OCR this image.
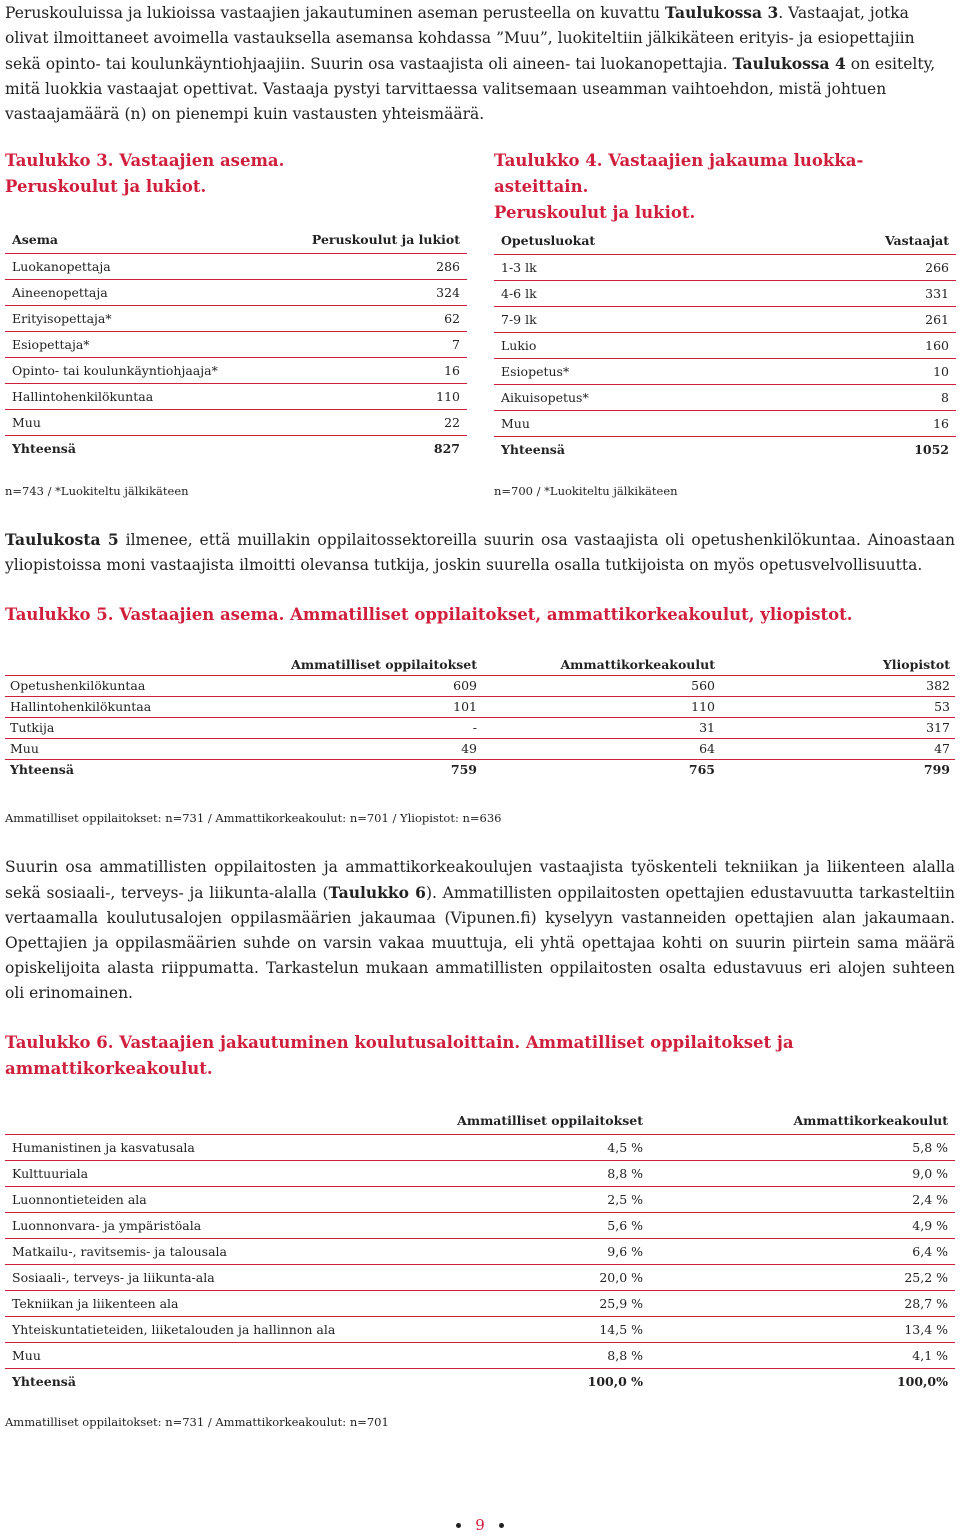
Peruskouluissa ja lukioissa vastaajien jakautuminen aseman perusteella on kuvattu Taulukossa 3. Vastaajat, jotka olivat ilmoittaneet avoimella vastauksella asemansa kohdassa ”Muu”, luokiteltiin jälkikäteen erityis- ja esiopettajiin sekä opinto- tai koulunkäyntiohjaajiin. Suurin osa vastaajista oli aineen- tai luokanopettajia. Taulukossa 4 on esitelty, mitä luokkia vastaajat opettivat. Vastaaja pystyi tarvittaessa valitsemaan useamman vaihtoehdon, mistä johtuen vastaajamäärä (n) on pienempi kuin vastausten yhteismäärä.
Taulukko 3. Vastaajien asema.
Peruskoulut ja lukiot.
Taulukko 4. Vastaajien jakauma luokka-asteittain.
Peruskoulut ja lukiot.
Asema	Peruskoulut ja lukiot
Luokanopettaja	286
Aineenopettaja	324
Erityisopettaja*	62
Esiopettaja*	7
Opinto- tai koulunkäyntiohjaaja*	16
Hallintohenkilökuntaa	110
Muu	22
Yhteensä	827
Opetusluokat	Vastaajat
1-3 lk	266
4-6 lk	331
7-9 lk	261
Lukio	160
Esiopetus*	10
Aikuisopetus*	8
Muu	16
Yhteensä	1052
n=743 / *Luokiteltu jälkikäteen	n=700 / *Luokiteltu jälkikäteen
Taulukosta 5 ilmenee, että muillakin oppilaitossektoreilla suurin osa vastaajista oli opetushenkilökuntaa. Ainoastaan yliopistoissa moni vastaajista ilmoitti olevansa tutkija, joskin suurella osalla tutkijoista on myös opetusvelvollisuutta.
Taulukko 5. Vastaajien asema. Ammatilliset oppilaitokset, ammattikorkeakoulut, yliopistot.
	Ammatilliset oppilaitokset	Ammattikorkeakoulut	Yliopistot
Opetushenkilökuntaa	609	560	382
Hallintohenkilökuntaa	101	110	53
Tutkija	-	31	317
Muu	49	64	47
Yhteensä	759	765	799
Ammatilliset oppilaitokset: n=731 / Ammattikorkeakoulut: n=701 / Yliopistot: n=636
Suurin osa ammatillisten oppilaitosten ja ammattikorkeakoulujen vastaajista työskenteli tekniikan ja liikenteen alalla sekä sosiaali-, terveys- ja liikunta-alalla (Taulukko 6). Ammatillisten oppilaitosten opettajien edustavuutta tarkasteltiin vertaamalla koulutusalojen oppilasmäärien jakaumaa (Vipunen.fi) kyselyyn vastanneiden opettajien alan jakaumaan. Opettajien ja oppilasmäärien suhde on varsin vakaa muuttuja, eli yhtä opettajaa kohti on suurin piirtein sama määrä opiskelijoita alasta riippumatta. Tarkastelun mukaan ammatillisten oppilaitosten osalta edustavuus eri alojen suhteen oli erinomainen.
Taulukko 6. Vastaajien jakautuminen koulutusaloittain. Ammatilliset oppilaitokset ja
ammattikorkeakoulut.
	Ammatilliset oppilaitokset	Ammattikorkeakoulut
Humanistinen ja kasvatusala	4,5 %	5,8 %
Kulttuuriala	8,8 %	9,0 %
Luonnontieteiden ala	2,5 %	2,4 %
Luonnonvara- ja ympäristöala	5,6 %	4,9 %
Matkailu-, ravitsemis- ja talousala	9,6 %	6,4 %
Sosiaali-, terveys- ja liikunta-ala	20,0 %	25,2 %
Tekniikan ja liikenteen ala	25,9 %	28,7 %
Yhteiskuntatieteiden, liiketalouden ja hallinnon ala	14,5 %	13,4 %
Muu	8,8 %	4,1 %
Yhteensä	100,0 %	100,0%
Ammatilliset oppilaitokset: n=731 / Ammattikorkeakoulut: n=701
9
